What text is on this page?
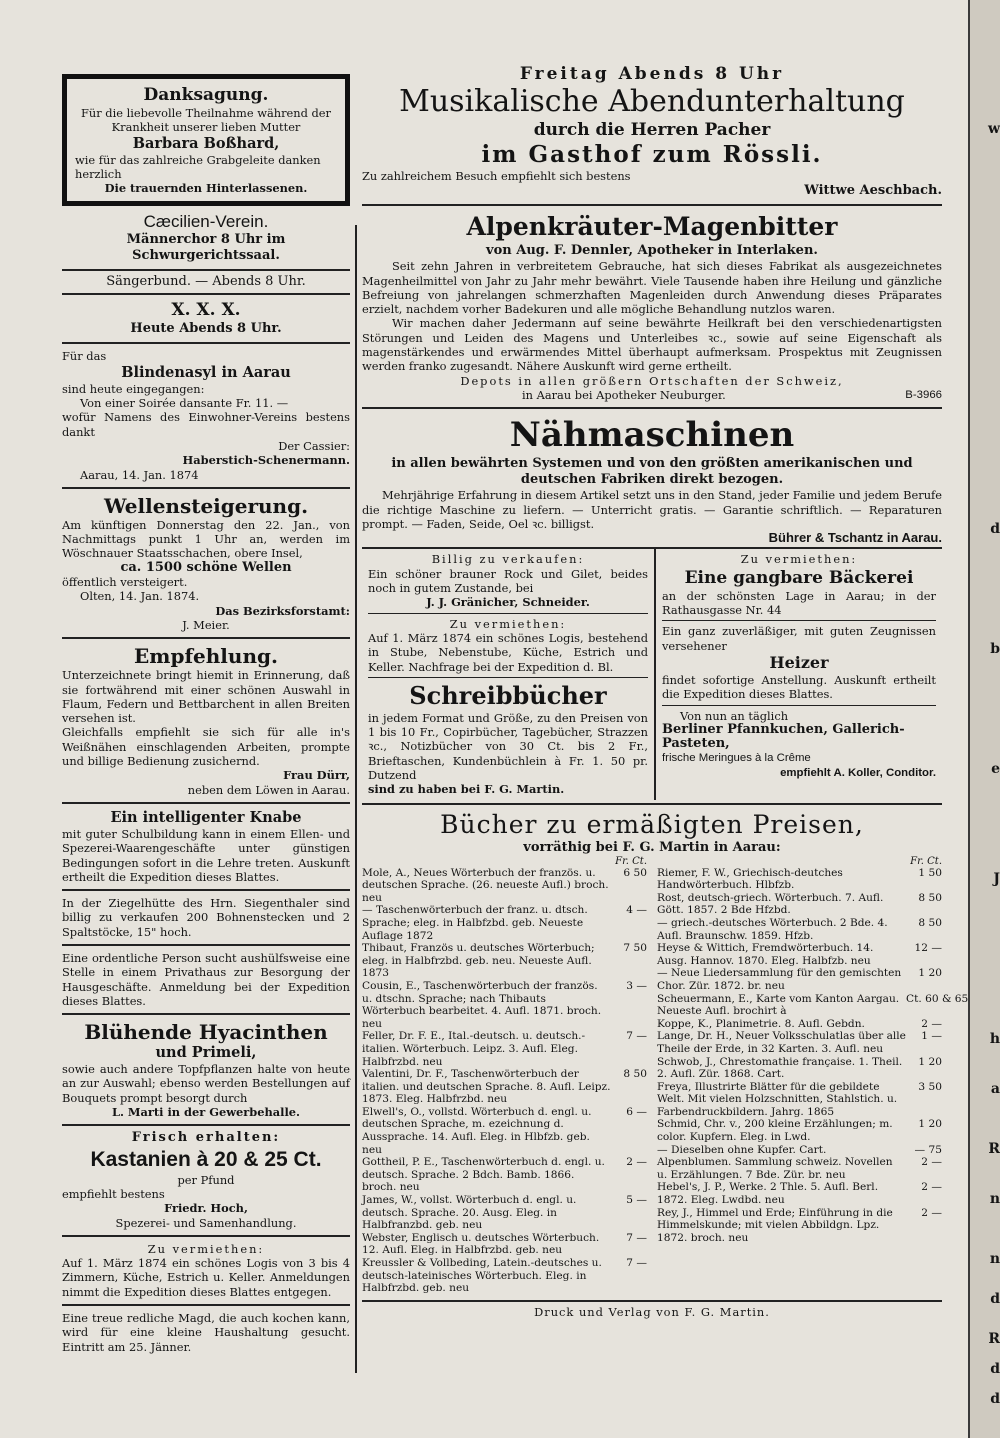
w
d
b
e
J
h
a
R
n
n
d
R
d
d
Danksagung.
Für die liebevolle Theilnahme während der Krankheit unserer lieben Mutter
Barbara Boßhard,
wie für das zahlreiche Grabgeleite danken herzlich
Die trauernden Hinterlassenen.
Cæcilien-Verein.
Männerchor 8 Uhr im Schwurgerichtssaal.
Sängerbund. — Abends 8 Uhr.
X. X. X.
Heute Abends 8 Uhr.
Für das
Blindenasyl in Aarau
sind heute eingegangen:
Von einer Soirée dansante Fr. 11. —
wofür Namens des Einwohner-Vereins bestens dankt
Der Cassier:
Haberstich-Schenermann.
Aarau, 14. Jan. 1874
Wellensteigerung.
Am künftigen Donnerstag den 22. Jan., von Nachmittags punkt 1 Uhr an, werden im Wöschnauer Staatsschachen, obere Insel,
ca. 1500 schöne Wellen
öffentlich versteigert.
Olten, 14. Jan. 1874.
Das Bezirksforstamt:
J. Meier.
Empfehlung.
Unterzeichnete bringt hiemit in Erinnerung, daß sie fortwährend mit einer schönen Auswahl in Flaum, Federn und Bettbarchent in allen Breiten versehen ist.
Gleichfalls empfiehlt sie sich für alle in's Weißnähen einschlagenden Arbeiten, prompte und billige Bedienung zusichernd.
Frau Dürr,
neben dem Löwen in Aarau.
Ein intelligenter Knabe
mit guter Schulbildung kann in einem Ellen- und Spezerei-Waarengeschäfte unter günstigen Bedingungen sofort in die Lehre treten. Auskunft ertheilt die Expedition dieses Blattes.
In der Ziegelhütte des Hrn. Siegenthaler sind billig zu verkaufen 200 Bohnenstecken und 2 Spaltstöcke, 15" hoch.
Eine ordentliche Person sucht aushülfsweise eine Stelle in einem Privathaus zur Besorgung der Hausgeschäfte. Anmeldung bei der Expedition dieses Blattes.
Blühende Hyacinthen
und Primeli,
sowie auch andere Topfpflanzen halte von heute an zur Auswahl; ebenso werden Bestellungen auf Bouquets prompt besorgt durch
L. Marti in der Gewerbehalle.
Frisch erhalten:
Kastanien à 20 & 25 Ct.
per Pfund
empfiehlt bestens
Friedr. Hoch,
Spezerei- und Samenhandlung.
Zu vermiethen:
Auf 1. März 1874 ein schönes Logis von 3 bis 4 Zimmern, Küche, Estrich u. Keller. Anmeldungen nimmt die Expedition dieses Blattes entgegen.
Eine treue redliche Magd, die auch kochen kann, wird für eine kleine Haushaltung gesucht. Eintritt am 25. Jänner.
Freitag Abends 8 Uhr
Musikalische Abendunterhaltung
durch die Herren Pacher
im Gasthof zum Rössli.
Zu zahlreichem Besuch empfiehlt sich bestens
Wittwe Aeschbach.
Alpenkräuter-Magenbitter
von Aug. F. Dennler, Apotheker in Interlaken.
Seit zehn Jahren in verbreitetem Gebrauche, hat sich dieses Fabrikat als ausgezeichnetes Magenheilmittel von Jahr zu Jahr mehr bewährt. Viele Tausende haben ihre Heilung und gänzliche Befreiung von jahrelangen schmerzhaften Magenleiden durch Anwendung dieses Präparates erzielt, nachdem vorher Badekuren und alle mögliche Behandlung nutzlos waren.
Wir machen daher Jedermann auf seine bewährte Heilkraft bei den verschiedenartigsten Störungen und Leiden des Magens und Unterleibes ꝛc., sowie auf seine Eigenschaft als magenstärkendes und erwärmendes Mittel überhaupt aufmerksam. Prospektus mit Zeugnissen werden franko zugesandt. Nähere Auskunft wird gerne ertheilt.
Depots in allen größern Ortschaften der Schweiz,
in Aarau bei Apotheker Neuburger.	B-3966
Nähmaschinen
in allen bewährten Systemen und von den größten amerikanischen und deutschen Fabriken direkt bezogen.
Mehrjährige Erfahrung in diesem Artikel setzt uns in den Stand, jeder Familie und jedem Berufe die richtige Maschine zu liefern. — Unterricht gratis. — Garantie schriftlich. — Reparaturen prompt. — Faden, Seide, Oel ꝛc. billigst.
Bührer & Tschantz in Aarau.
Billig zu verkaufen:
Ein schöner brauner Rock und Gilet, beides noch in gutem Zustande, bei
J. J. Gränicher, Schneider.
Zu vermiethen:
Auf 1. März 1874 ein schönes Logis, bestehend in Stube, Nebenstube, Küche, Estrich und Keller. Nachfrage bei der Expedition d. Bl.
Schreibbücher
in jedem Format und Größe, zu den Preisen von 1 bis 10 Fr., Copirbücher, Tagebücher, Strazzen ꝛc., Notizbücher von 30 Ct. bis 2 Fr., Brieftaschen, Kundenbüchlein à Fr. 1. 50 pr. Dutzend
sind zu haben bei F. G. Martin.
Zu vermiethen:
Eine gangbare Bäckerei
an der schönsten Lage in Aarau; in der Rathausgasse Nr. 44
Ein ganz zuverläßiger, mit guten Zeugnissen versehener
Heizer
findet sofortige Anstellung. Auskunft ertheilt die Expedition dieses Blattes.
Von nun an täglich
Berliner Pfannkuchen, Gallerich-Pasteten,
frische Meringues à la Crême
empfiehlt A. Koller, Conditor.
Bücher zu ermäßigten Preisen,
vorräthig bei F. G. Martin in Aarau:
Fr. Ct.
Mole, A., Neues Wörterbuch der französ. u. deutschen Sprache. (26. neueste Aufl.) broch. neu
6 50
— Taschenwörterbuch der franz. u. dtsch. Sprache; eleg. in Halbfzbd. geb. Neueste Auflage 1872
4 —
Thibaut, Französ u. deutsches Wörterbuch; eleg. in Halbfrzbd. geb. neu. Neueste Aufl. 1873
7 50
Cousin, E., Taschenwörterbuch der französ. u. dtschn. Sprache; nach Thibauts Wörterbuch bearbeitet. 4. Aufl. 1871. broch. neu
3 —
Feller, Dr. F. E., Ital.-deutsch. u. deutsch.-italien. Wörterbuch. Leipz. 3. Aufl. Eleg. Halbfrzbd. neu
7 —
Valentini, Dr. F., Taschenwörterbuch der italien. und deutschen Sprache. 8. Aufl. Leipz. 1873. Eleg. Halbfrzbd. neu
8 50
Elwell's, O., vollstd. Wörterbuch d. engl. u. deutschen Sprache, m. ezeichnung d. Aussprache. 14. Aufl. Eleg. in Hlbfzb. geb. neu
6 —
Gottheil, P. E., Taschenwörterbuch d. engl. u. deutsch. Sprache. 2 Bdch. Bamb. 1866. broch. neu
2 —
James, W., vollst. Wörterbuch d. engl. u. deutsch. Sprache. 20. Ausg. Eleg. in Halbfranzbd. geb. neu
5 —
Webster, Englisch u. deutsches Wörterbuch. 12. Aufl. Eleg. in Halbfrzbd. geb. neu
7 —
Kreussler & Vollbeding, Latein.-deutsches u. deutsch-lateinisches Wörterbuch. Eleg. in Halbfrzbd. geb. neu
7 —
Fr. Ct.
Riemer, F. W., Griechisch-deutches Handwörterbuch. Hlbfzb.
1 50
Rost, deutsch-griech. Wörterbuch. 7. Aufl. Gött. 1857. 2 Bde Hfzbd.
8 50
— griech.-deutsches Wörterbuch. 2 Bde. 4. Aufl. Braunschw. 1859. Hfzb.
8 50
Heyse & Wittich, Fremdwörterbuch. 14. Ausg. Hannov. 1870. Eleg. Halbfzb. neu
12 —
— Neue Liedersammlung für den gemischten Chor. Zür. 1872. br. neu
1 20
Scheuermann, E., Karte vom Kanton Aargau. Neueste Aufl. brochirt à
Ct. 60 & 65
Koppe, K., Planimetrie. 8. Aufl. Gebdn.	2 —
Lange, Dr. H., Neuer Volksschulatlas über alle Theile der Erde, in 32 Karten. 3. Aufl. neu
1 —
Schwob, J., Chrestomathie française. 1. Theil. 2. Aufl. Zür. 1868. Cart.
1 20
Freya, Illustrirte Blätter für die gebildete Welt. Mit vielen Holzschnitten, Stahlstich. u. Farbendruckbildern. Jahrg. 1865
3 50
Schmid, Chr. v., 200 kleine Erzählungen; m. color. Kupfern. Eleg. in Lwd.
1 20
— Dieselben ohne Kupfer. Cart.	— 75
Alpenblumen. Sammlung schweiz. Novellen u. Erzählungen. 7 Bde. Zür. br. neu
2 —
Hebel's, J. P., Werke. 2 Thle. 5. Aufl. Berl. 1872. Eleg. Lwdbd. neu
2 —
Rey, J., Himmel und Erde; Einführung in die Himmelskunde; mit vielen Abbildgn. Lpz. 1872. broch. neu
2 —
Druck und Verlag von F. G. Martin.
